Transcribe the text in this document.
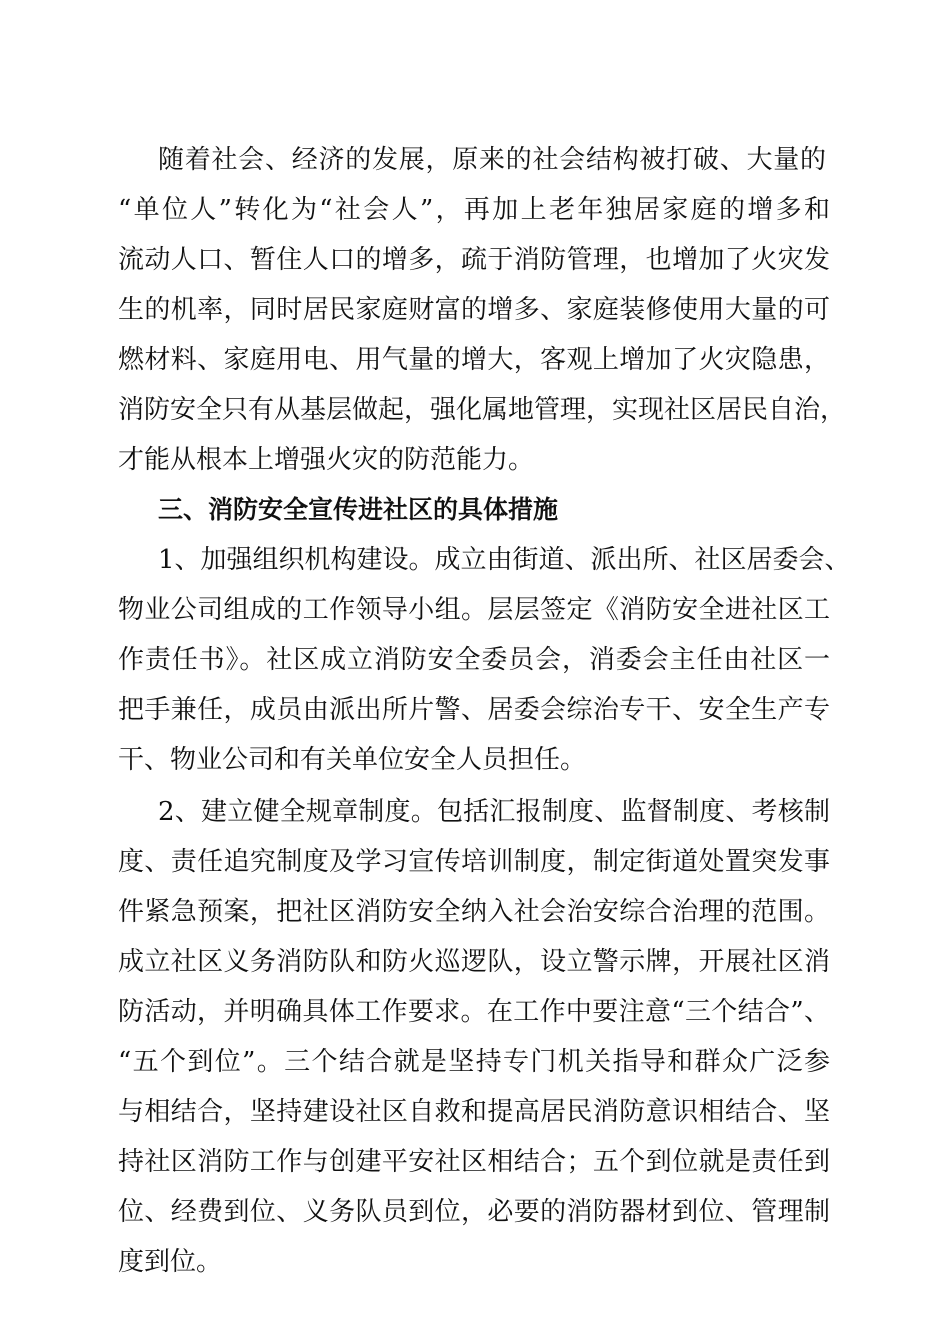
随着社会、经济的发展，原来的社会结构被打破、大量的
“单位人”转化为“社会人”，再加上老年独居家庭的增多和
流动人口、暂住人口的增多，疏于消防管理，也增加了火灾发
生的机率，同时居民家庭财富的增多、家庭装修使用大量的可
燃材料、家庭用电、用气量的增大，客观上增加了火灾隐患，
消防安全只有从基层做起，强化属地管理，实现社区居民自治，
才能从根本上增强火灾的防范能力。
三、消防安全宣传进社区的具体措施
1、加强组织机构建设。成立由街道、派出所、社区居委会、
物业公司组成的工作领导小组。层层签定《消防安全进社区工
作责任书》。社区成立消防安全委员会，消委会主任由社区一
把手兼任，成员由派出所片警、居委会综治专干、安全生产专
干、物业公司和有关单位安全人员担任。
2、建立健全规章制度。包括汇报制度、监督制度、考核制
度、责任追究制度及学习宣传培训制度，制定街道处置突发事
件紧急预案，把社区消防安全纳入社会治安综合治理的范围。
成立社区义务消防队和防火巡逻队，设立警示牌，开展社区消
防活动，并明确具体工作要求。在工作中要注意“三个结合”、
“五个到位”。三个结合就是坚持专门机关指导和群众广泛参
与相结合，坚持建设社区自救和提高居民消防意识相结合、坚
持社区消防工作与创建平安社区相结合；五个到位就是责任到
位、经费到位、义务队员到位，必要的消防器材到位、管理制
度到位。
